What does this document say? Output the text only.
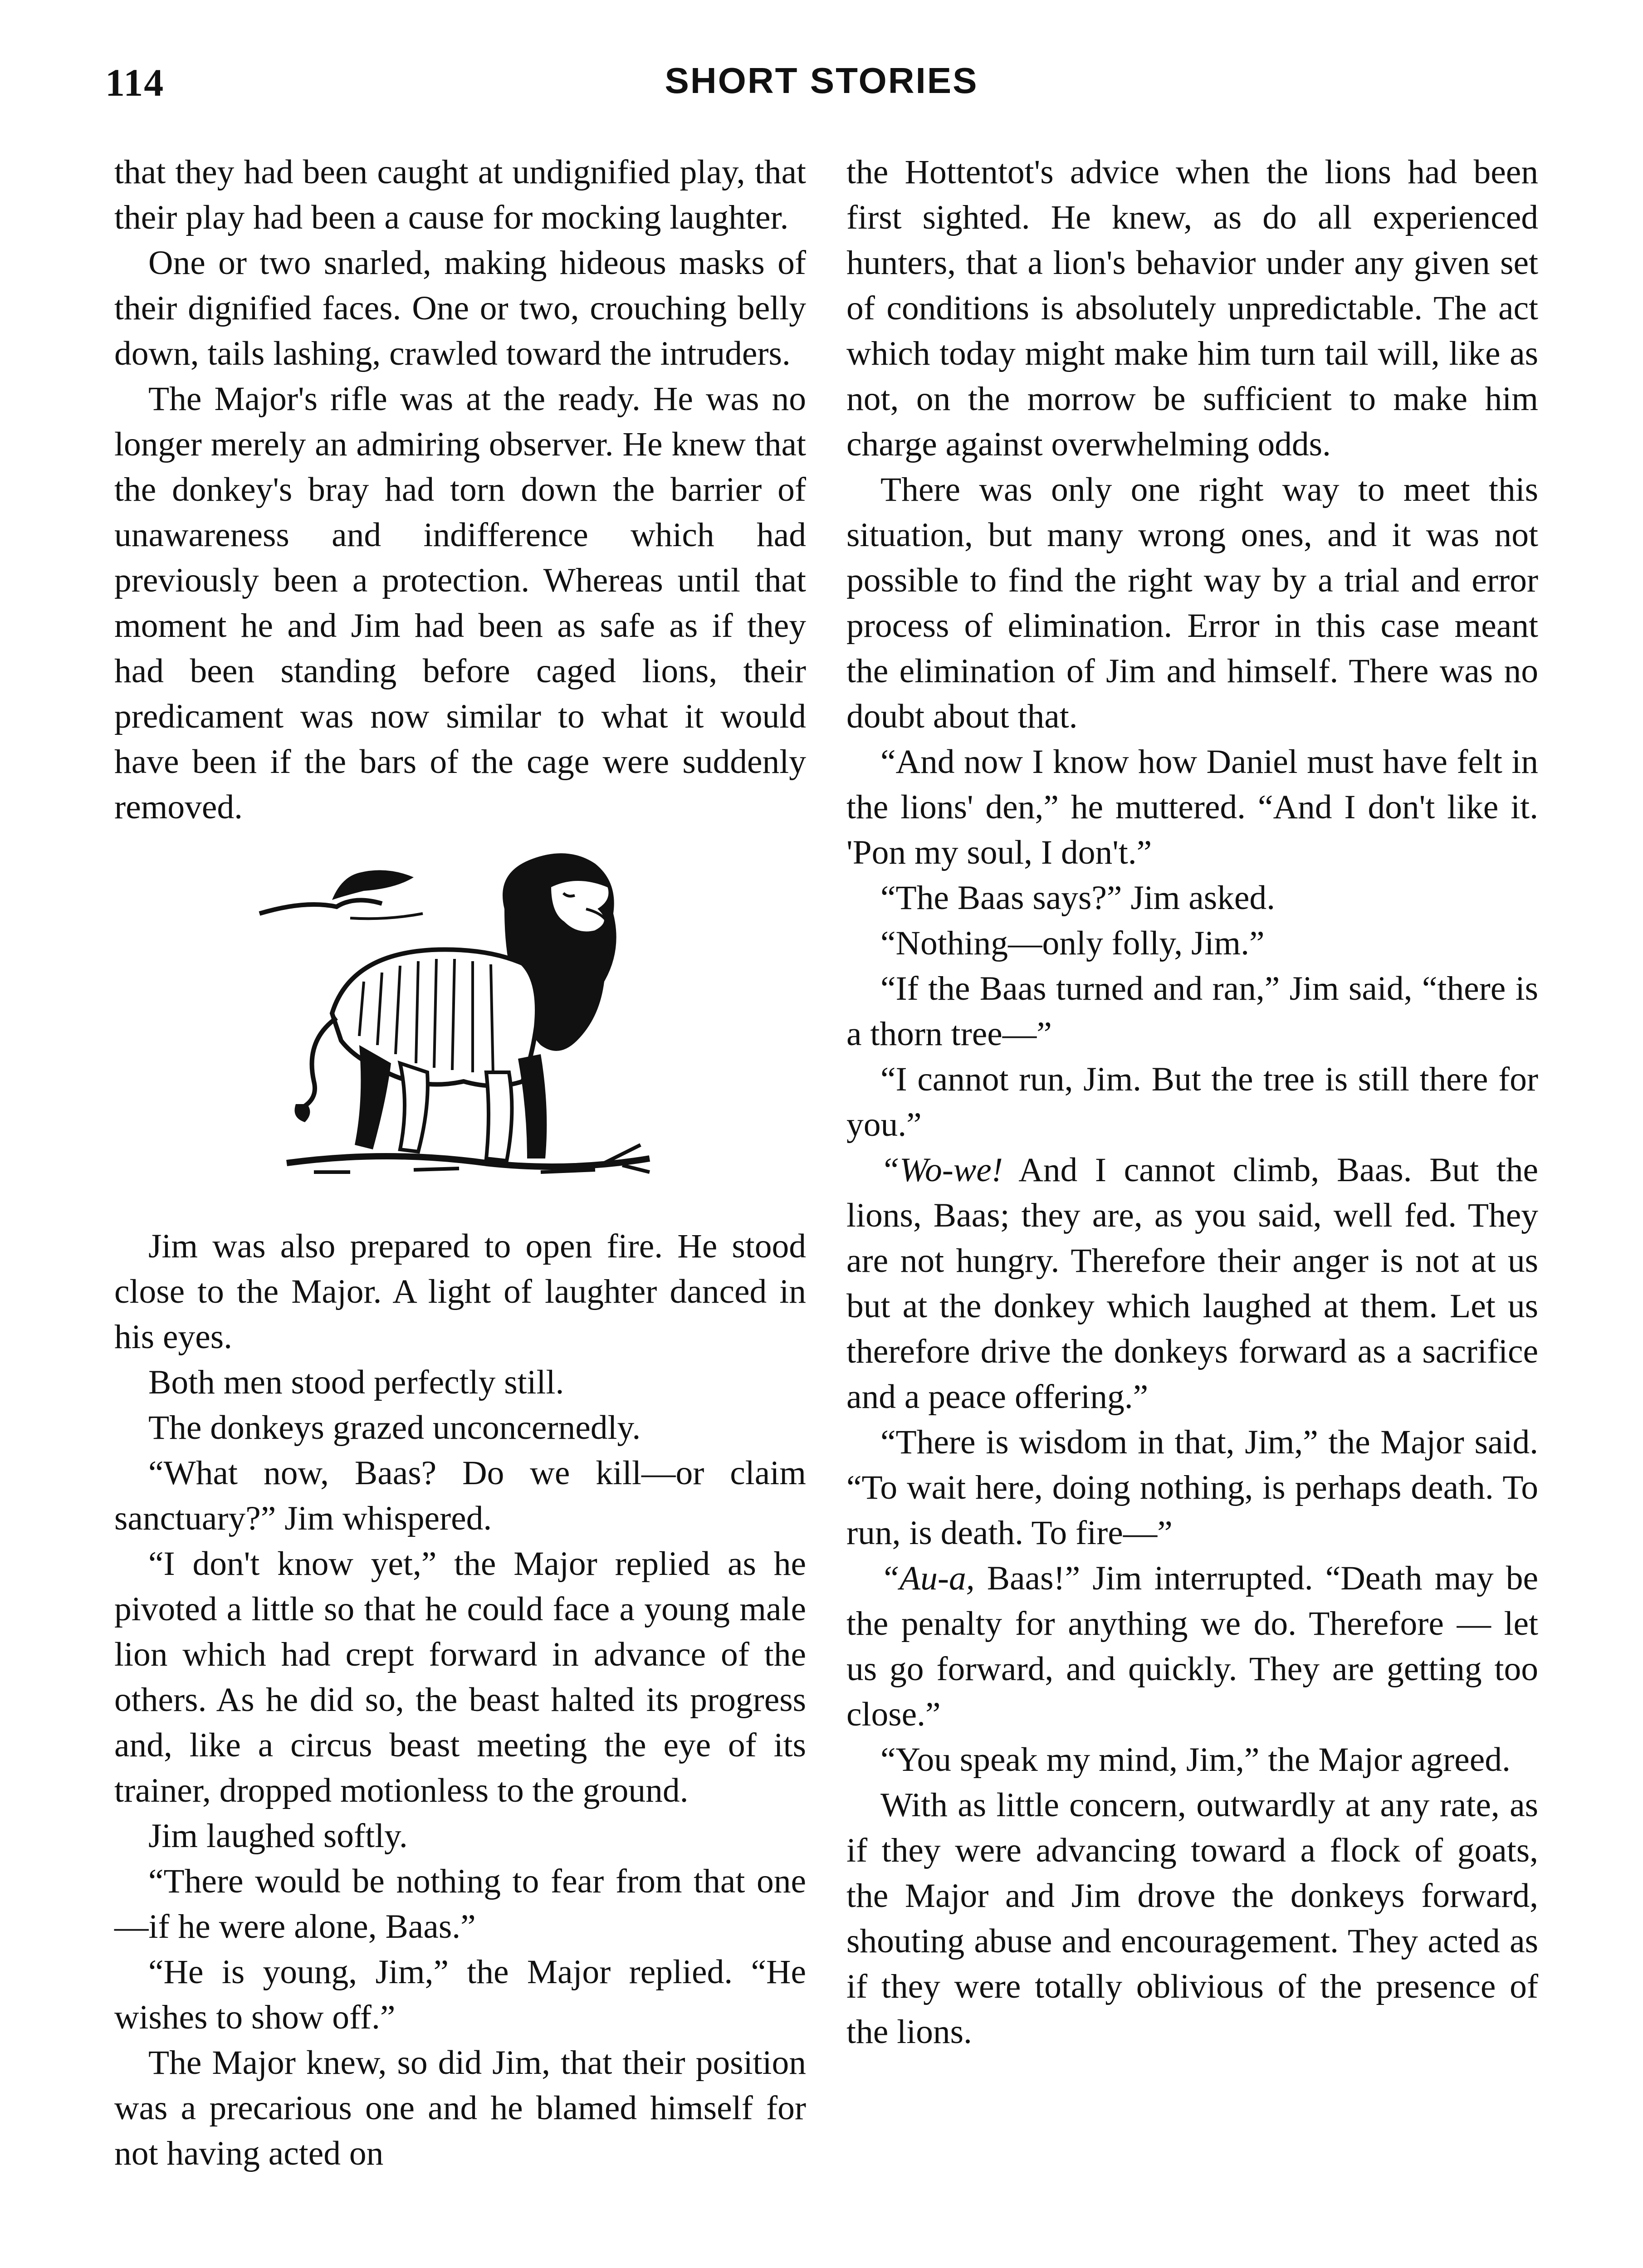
114	SHORT STORIES

that they had been caught at undignified play, that their play had been a cause for mocking laughter.

One or two snarled, making hideous masks of their dignified faces. One or two, crouching belly down, tails lashing, crawled toward the intruders.

The Major's rifle was at the ready. He was no longer merely an admiring observer. He knew that the donkey's bray had torn down the barrier of unawareness and indifference which had previously been a protection. Whereas until that moment he and Jim had been as safe as if they had been standing before caged lions, their predicament was now similar to what it would have been if the bars of the cage were suddenly removed.

Jim was also prepared to open fire. He stood close to the Major. A light of laughter danced in his eyes.

Both men stood perfectly still.

The donkeys grazed unconcernedly.

“What now, Baas? Do we kill—or claim sanctuary?” Jim whispered.

“I don't know yet,” the Major replied as he pivoted a little so that he could face a young male lion which had crept forward in advance of the others. As he did so, the beast halted its progress and, like a circus beast meeting the eye of its trainer, dropped motionless to the ground.

Jim laughed softly.

“There would be nothing to fear from that one—if he were alone, Baas.”

“He is young, Jim,” the Major replied. “He wishes to show off.”

The Major knew, so did Jim, that their position was a precarious one and he blamed himself for not having acted on

the Hottentot's advice when the lions had been first sighted. He knew, as do all experienced hunters, that a lion's behavior under any given set of conditions is absolutely unpredictable. The act which today might make him turn tail will, like as not, on the morrow be sufficient to make him charge against overwhelming odds.

There was only one right way to meet this situation, but many wrong ones, and it was not possible to find the right way by a trial and error process of elimination. Error in this case meant the elimination of Jim and himself. There was no doubt about that.

“And now I know how Daniel must have felt in the lions' den,” he muttered. “And I don't like it. 'Pon my soul, I don't.”

“The Baas says?” Jim asked.

“Nothing—only folly, Jim.”

“If the Baas turned and ran,” Jim said, “there is a thorn tree—”

“I cannot run, Jim. But the tree is still there for you.”

“Wo-we! And I cannot climb, Baas. But the lions, Baas; they are, as you said, well fed. They are not hungry. Therefore their anger is not at us but at the donkey which laughed at them. Let us therefore drive the donkeys forward as a sacrifice and a peace offering.”

“There is wisdom in that, Jim,” the Major said. “To wait here, doing nothing, is perhaps death. To run, is death. To fire—”

“Au-a, Baas!” Jim interrupted. “Death may be the penalty for anything we do. Therefore — let us go forward, and quickly. They are getting too close.”

“You speak my mind, Jim,” the Major agreed.

With as little concern, outwardly at any rate, as if they were advancing toward a flock of goats, the Major and Jim drove the donkeys forward, shouting abuse and encouragement. They acted as if they were totally oblivious of the presence of the lions.
